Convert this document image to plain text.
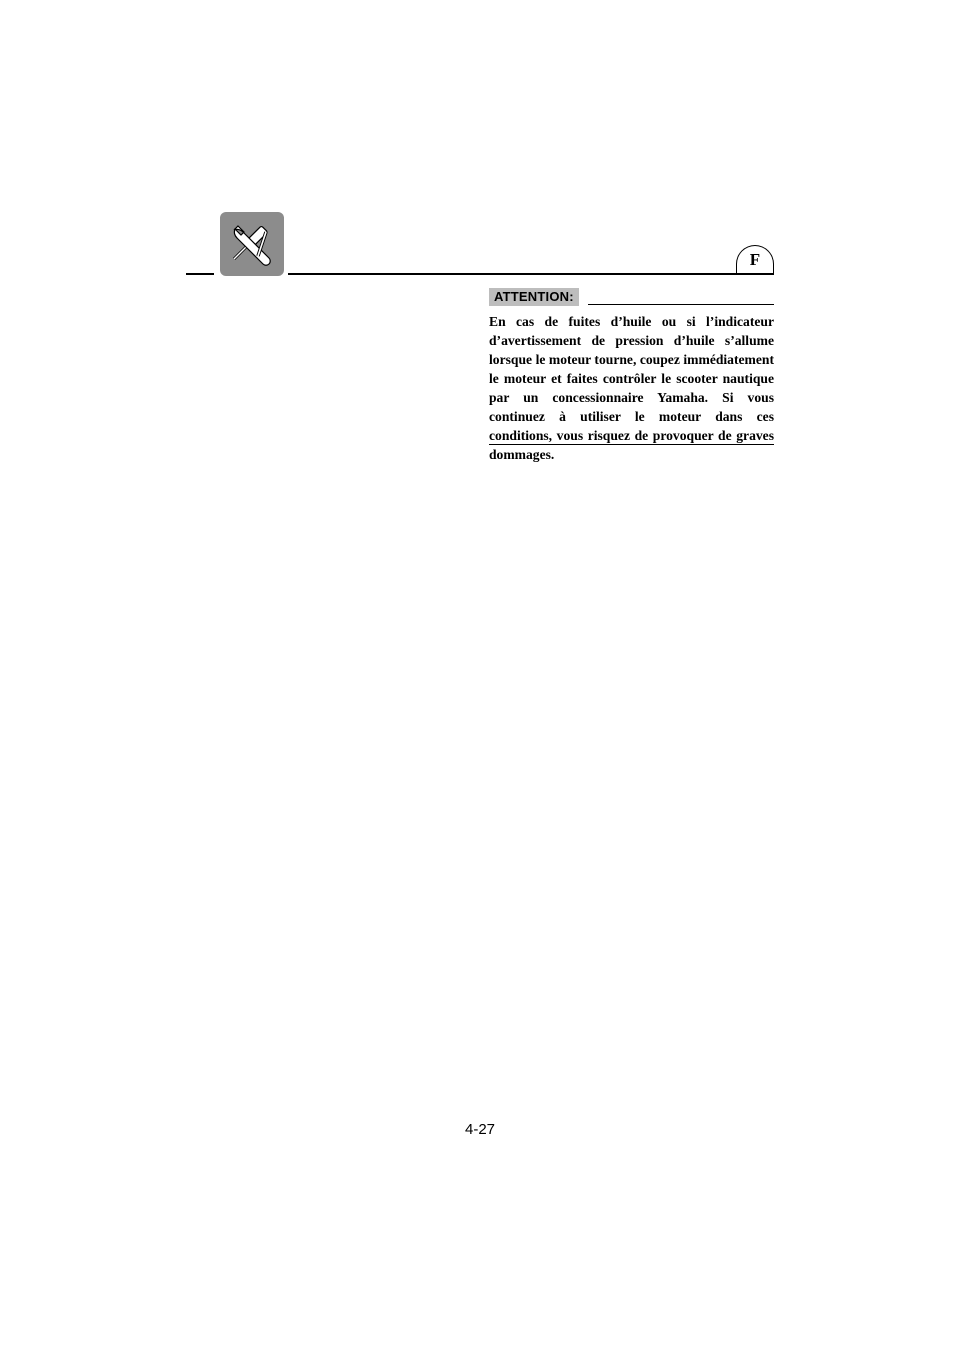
F
ATTENTION:

En cas de fuites d’huile ou si l’indicateur d’avertissement de pression d’huile s’allume lorsque le moteur tourne, coupez immédiatement le moteur et faites contrôler le scooter nautique par un concessionnaire Yamaha. Si vous continuez à utiliser le moteur dans ces conditions, vous risquez de provoquer de graves dommages.

4-27
